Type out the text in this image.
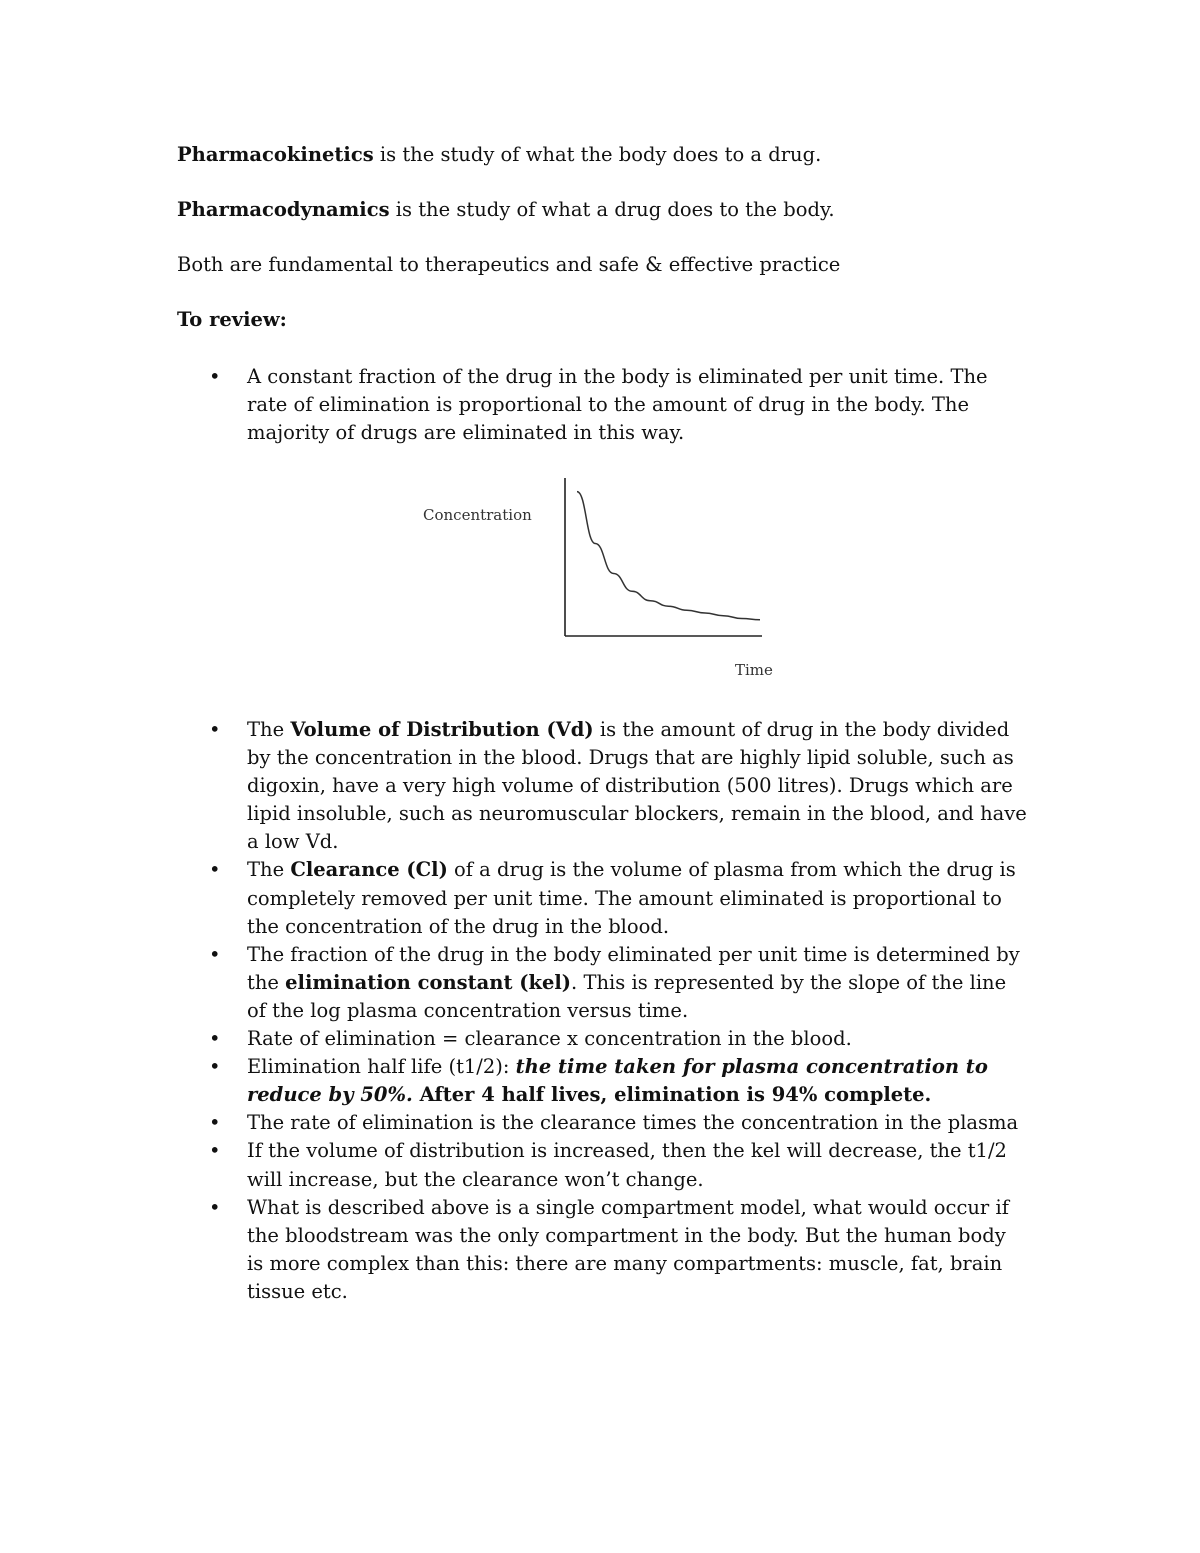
Pharmacokinetics is the study of what the body does to a drug.

Pharmacodynamics is the study of what a drug does to the body.

Both are fundamental to therapeutics and safe & effective practice

To review:

• A constant fraction of the drug in the body is eliminated per unit time. The rate of elimination is proportional to the amount of drug in the body. The majority of drugs are eliminated in this way.
Concentration
Time
• The Volume of Distribution (Vd) is the amount of drug in the body divided by the concentration in the blood. Drugs that are highly lipid soluble, such as digoxin, have a very high volume of distribution (500 litres). Drugs which are lipid insoluble, such as neuromuscular blockers, remain in the blood, and have a low Vd.
• The Clearance (Cl) of a drug is the volume of plasma from which the drug is completely removed per unit time. The amount eliminated is proportional to the concentration of the drug in the blood.
• The fraction of the drug in the body eliminated per unit time is determined by the elimination constant (kel). This is represented by the slope of the line of the log plasma concentration versus time.
• Rate of elimination = clearance x concentration in the blood.
• Elimination half life (t1/2): the time taken for plasma concentration to reduce by 50%. After 4 half lives, elimination is 94% complete.
• The rate of elimination is the clearance times the concentration in the plasma
• If the volume of distribution is increased, then the kel will decrease, the t1/2 will increase, but the clearance won’t change.
• What is described above is a single compartment model, what would occur if the bloodstream was the only compartment in the body. But the human body is more complex than this: there are many compartments: muscle, fat, brain tissue etc.
